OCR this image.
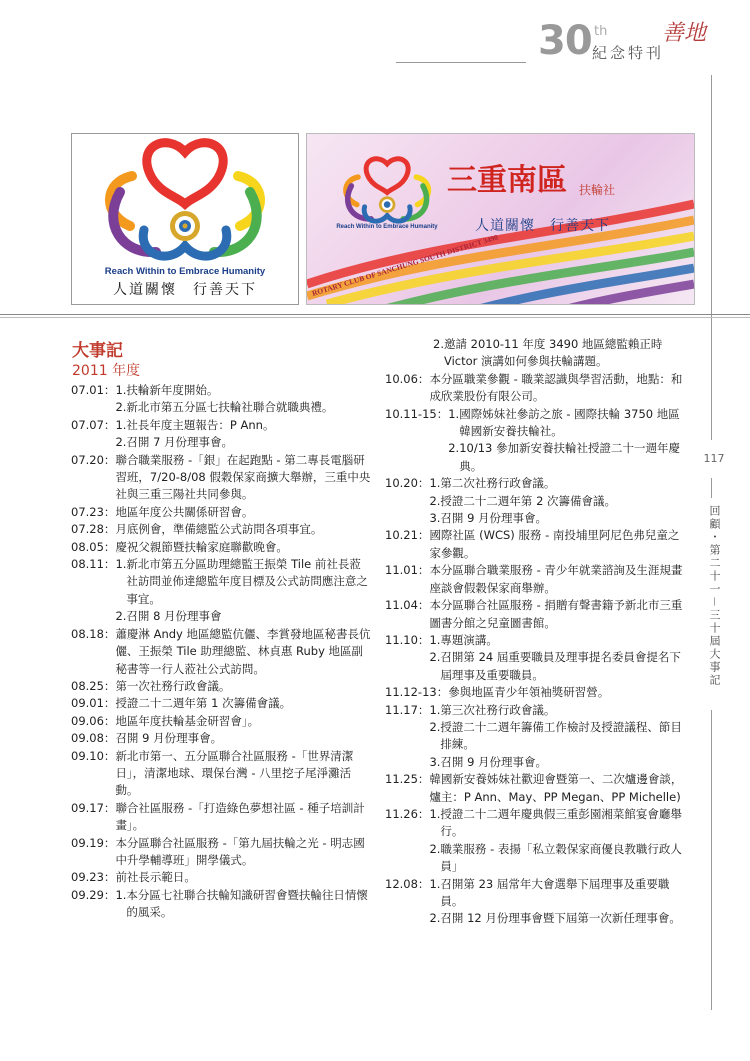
30 th
紀念特刊
善地
117
回顧・第二十一－三十屆大事記
Reach Within to Embrace Humanity
人道關懷　行善天下
Reach Within to Embrace Humanity
三重南區 扶輪社
人道關懷　行善天下
ROTARY CLUB OF SANCHUNG SOUTH DISTRICT 3490
大事記
2011 年度
07.01： 1. 扶輪新年度開始。
2. 新北市第五分區七扶輪社聯合就職典禮。
07.07： 1. 社長年度主題報告：P Ann。
2. 召開 7 月份理事會。
07.20： 聯合職業服務 -「銀」在起跑點 - 第二專長電腦研習班，7/20-8/08 假穀保家商擴大舉辦，三重中央社與三重三陽社共同參與。
07.23： 地區年度公共關係研習會。
07.28： 月底例會，準備總監公式訪問各項事宜。
08.05： 慶祝父親節暨扶輪家庭聯歡晚會。
08.11： 1. 新北市第五分區助理總監王振榮 Tile 前社長蒞社訪問並佈達總監年度目標及公式訪問應注意之事宜。
2. 召開 8 月份理事會
08.18： 蕭慶淋 Andy 地區總監伉儷、李賞發地區秘書長伉儷、王振榮 Tile 助理總監、林貞惠 Ruby 地區副秘書等一行人蒞社公式訪問。
08.25： 第一次社務行政會議。
09.01： 授證二十二週年第 1 次籌備會議。
09.06： 地區年度扶輪基金研習會」。
09.08： 召開 9 月份理事會。
09.10： 新北市第一、五分區聯合社區服務 -「世界清潔日」，清潔地球、環保台灣 - 八里挖子尾淨灘活動。
09.17： 聯合社區服務 -「打造綠色夢想社區 - 種子培訓計畫」。
09.19： 本分區聯合社區服務 -「第九屆扶輪之光 - 明志國中升學輔導班」開學儀式。
09.23： 前社長示範日。
09.29： 1. 本分區七社聯合扶輪知識研習會暨扶輪往日情懷的風采。
2. 邀請 2010-11 年度 3490 地區總監賴正時 Victor 演講如何參與扶輪講題。
10.06： 本分區職業參觀 - 職業認識與學習活動，地點：和成欣業股份有限公司。
10.11-15： 1. 國際姊妹社參訪之旅 - 國際扶輪 3750 地區韓國新安養扶輪社。
2. 10/13 參加新安養扶輪社授證二十一週年慶典。
10.20： 1. 第二次社務行政會議。
2. 授證二十二週年第 2 次籌備會議。
3. 召開 9 月份理事會。
10.21： 國際社區 (WCS) 服務 - 南投埔里阿尼色弗兒童之家參觀。
11.01： 本分區聯合職業服務 - 青少年就業諮詢及生涯規畫座談會假穀保家商舉辦。
11.04： 本分區聯合社區服務 - 捐贈有聲書籍予新北市三重圖書分館之兒童圖書館。
11.10： 1. 專題演講。
2. 召開第 24 屆重要職員及理事提名委員會提名下屆理事及重要職員。
11.12-13： 參與地區青少年領袖獎研習營。
11.17： 1. 第三次社務行政會議。
2. 授證二十二週年籌備工作檢討及授證議程、節目排練。
3. 召開 9 月份理事會。
11.25： 韓國新安養姊妹社歡迎會暨第一、二次爐邊會談，爐主：P Ann、May、PP Megan、PP Michelle)
11.26： 1. 授證二十二週年慶典假三重彭園湘菜館宴會廳舉行。
2. 職業服務 - 表揚「私立穀保家商優良教職行政人員」
12.08： 1. 召開第 23 屆常年大會選舉下屆理事及重要職員。
2. 召開 12 月份理事會暨下屆第一次新任理事會。
